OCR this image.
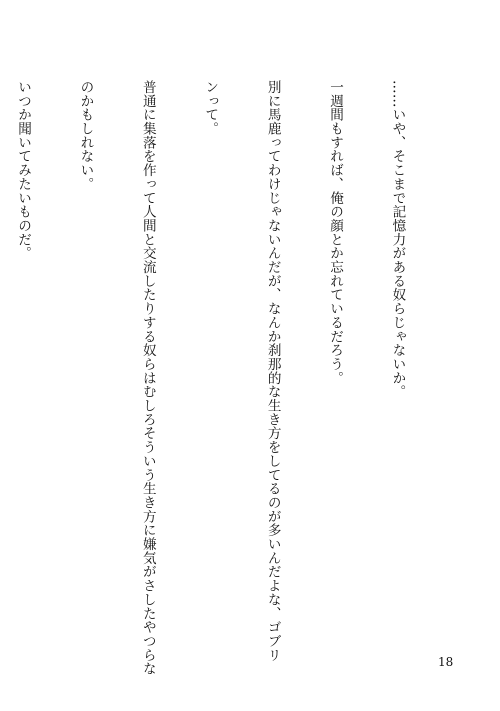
……いや、そこまで記憶力がある奴らじゃないか。

一週間もすれば、俺の顔とか忘れているだろう。

別に馬鹿ってわけじゃないんだが、なんか刹那的な生き方をしてるのが多いんだよな、ゴブリ

ンって。

普通に集落を作って人間と交流したりする奴らはむしろそういう生き方に嫌気がさしたやつらな

のかもしれない。

いつか聞いてみたいものだ。

18
